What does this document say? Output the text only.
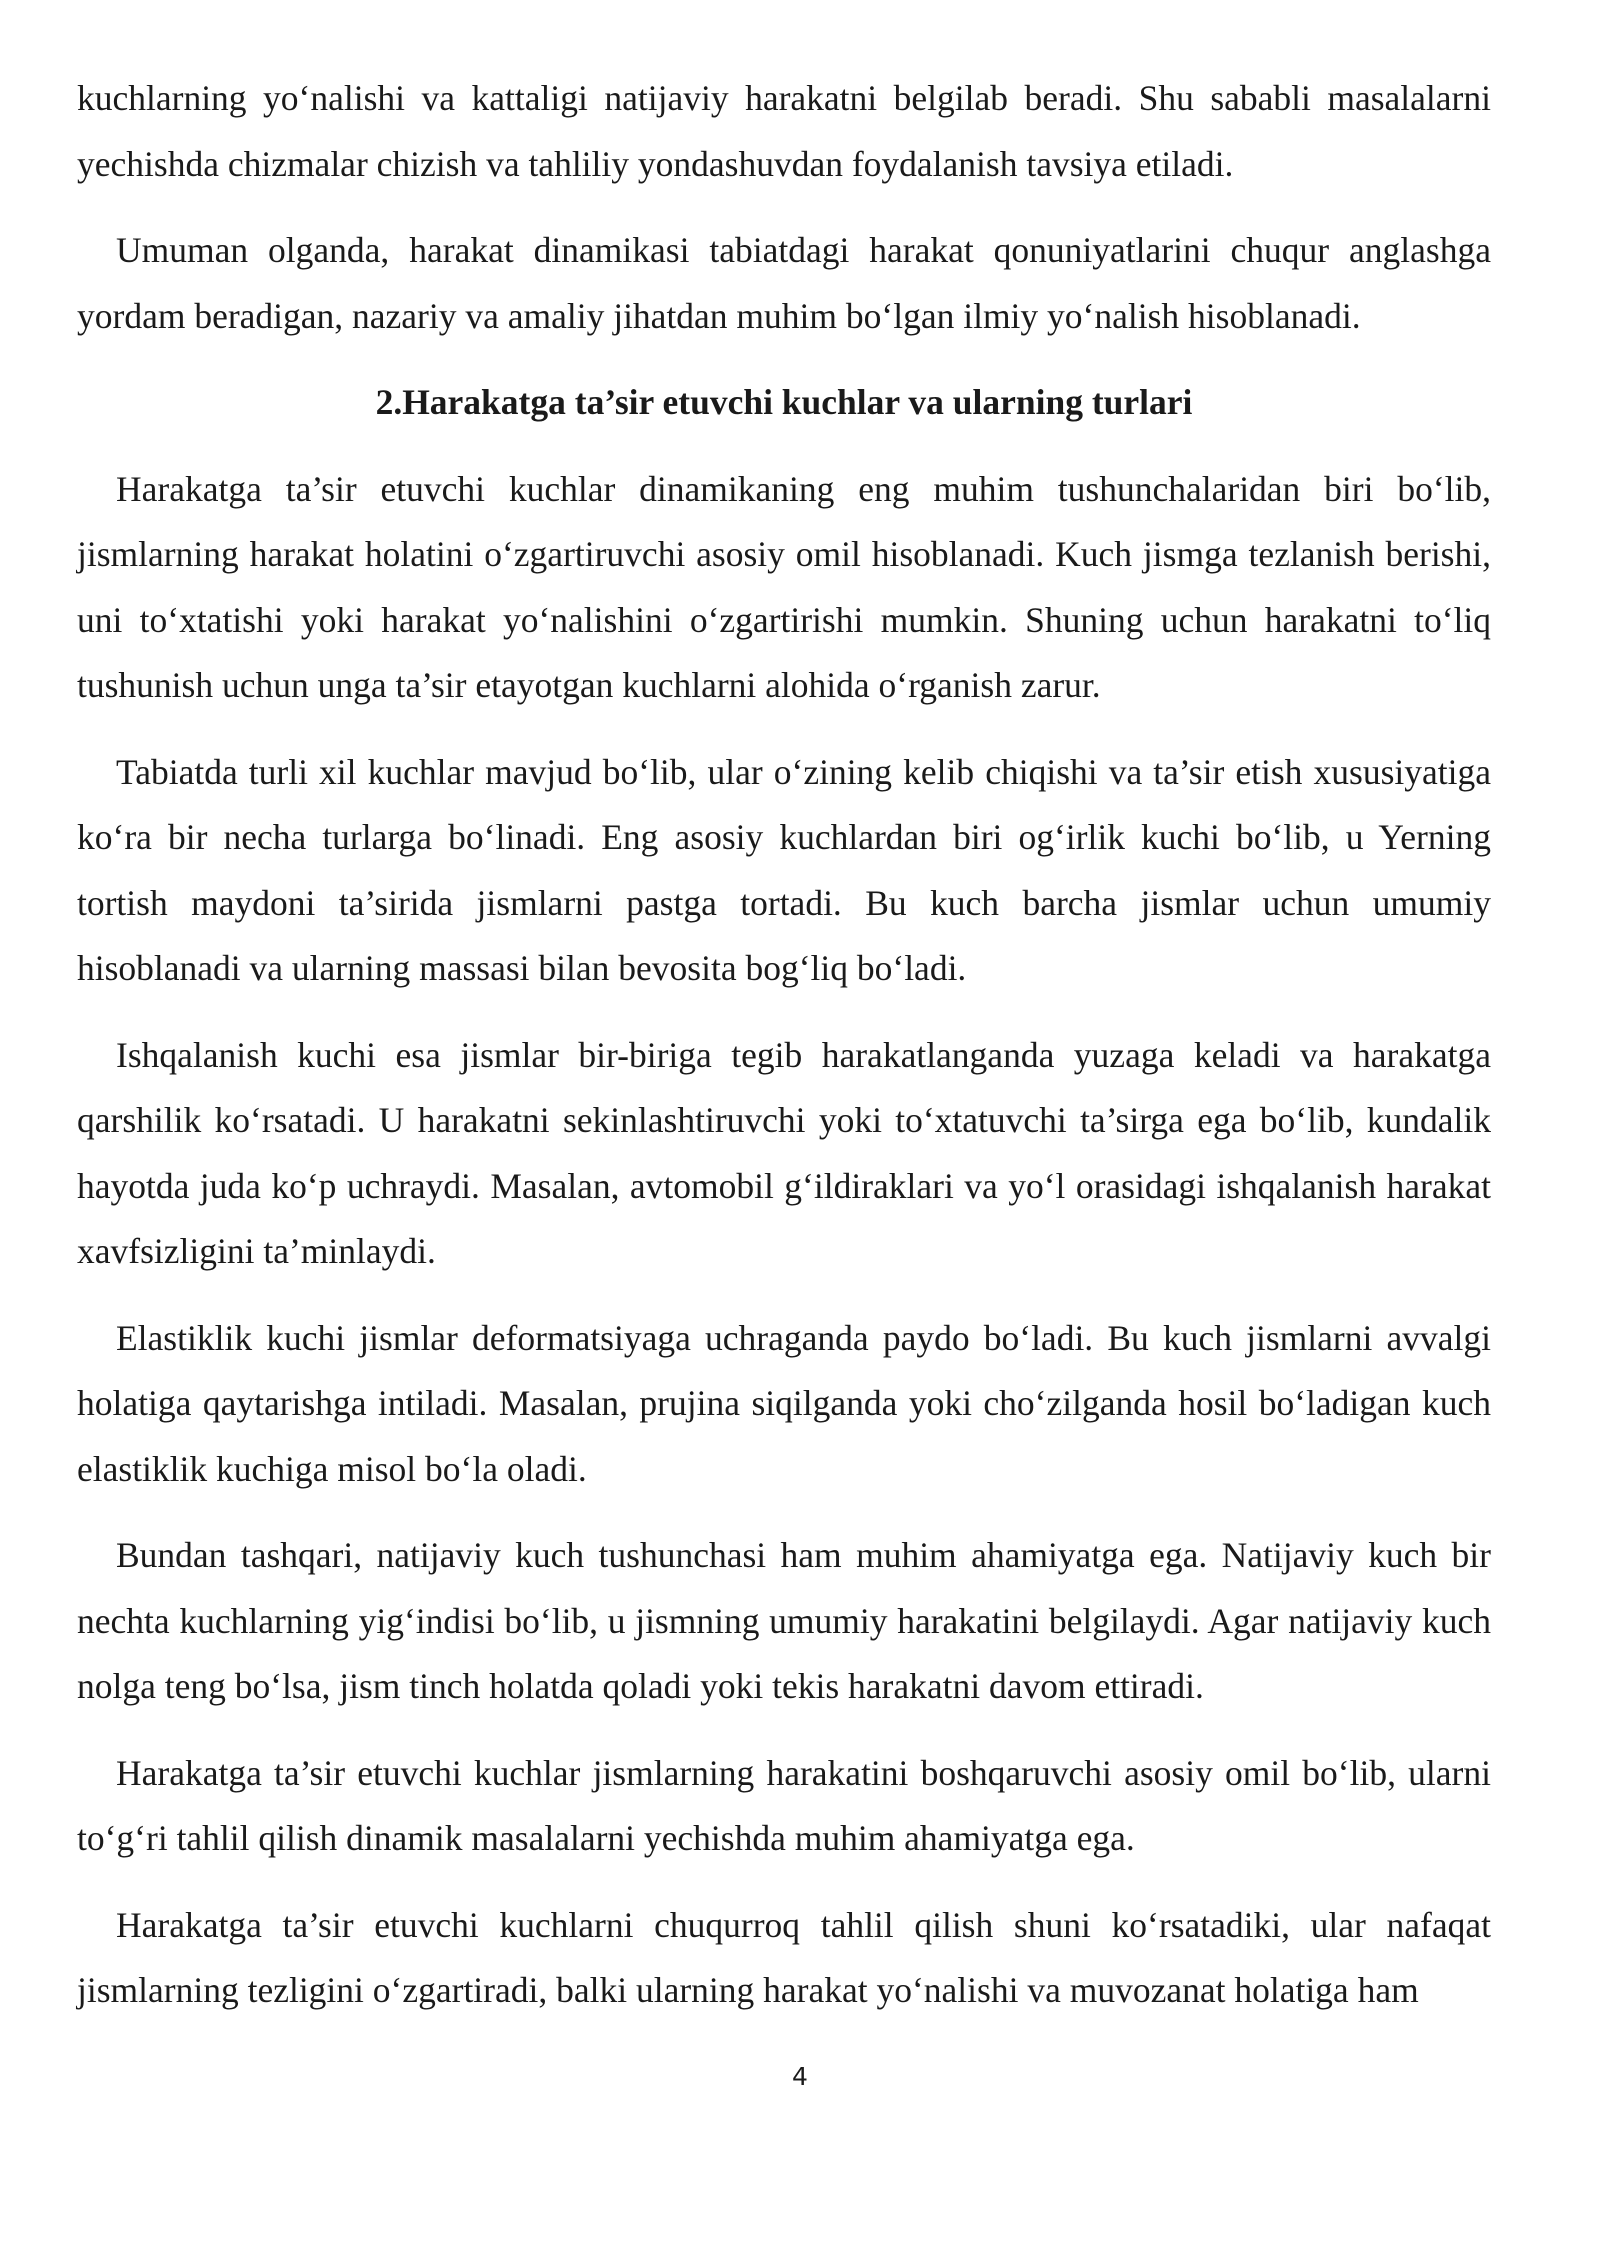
kuchlarning yo‘nalishi va kattaligi natijaviy harakatni belgilab beradi. Shu sababli masalalarni yechishda chizmalar chizish va tahliliy yondashuvdan foydalanish tavsiya etiladi.

Umuman olganda, harakat dinamikasi tabiatdagi harakat qonuniyatlarini chuqur anglashga yordam beradigan, nazariy va amaliy jihatdan muhim bo‘lgan ilmiy yo‘nalish hisoblanadi.

2.Harakatga ta’sir etuvchi kuchlar va ularning turlari

Harakatga ta’sir etuvchi kuchlar dinamikaning eng muhim tushunchalaridan biri bo‘lib, jismlarning harakat holatini o‘zgartiruvchi asosiy omil hisoblanadi. Kuch jismga tezlanish berishi, uni to‘xtatishi yoki harakat yo‘nalishini o‘zgartirishi mumkin. Shuning uchun harakatni to‘liq tushunish uchun unga ta’sir etayotgan kuchlarni alohida o‘rganish zarur.

Tabiatda turli xil kuchlar mavjud bo‘lib, ular o‘zining kelib chiqishi va ta’sir etish xususiyatiga ko‘ra bir necha turlarga bo‘linadi. Eng asosiy kuchlardan biri og‘irlik kuchi bo‘lib, u Yerning tortish maydoni ta’sirida jismlarni pastga tortadi. Bu kuch barcha jismlar uchun umumiy hisoblanadi va ularning massasi bilan bevosita bog‘liq bo‘ladi.

Ishqalanish kuchi esa jismlar bir-biriga tegib harakatlanganda yuzaga keladi va harakatga qarshilik ko‘rsatadi. U harakatni sekinlashtiruvchi yoki to‘xtatuvchi ta’sirga ega bo‘lib, kundalik hayotda juda ko‘p uchraydi. Masalan, avtomobil g‘ildiraklari va yo‘l orasidagi ishqalanish harakat xavfsizligini ta’minlaydi.

Elastiklik kuchi jismlar deformatsiyaga uchraganda paydo bo‘ladi. Bu kuch jismlarni avvalgi holatiga qaytarishga intiladi. Masalan, prujina siqilganda yoki cho‘zilganda hosil bo‘ladigan kuch elastiklik kuchiga misol bo‘la oladi.

Bundan tashqari, natijaviy kuch tushunchasi ham muhim ahamiyatga ega. Natijaviy kuch bir nechta kuchlarning yig‘indisi bo‘lib, u jismning umumiy harakatini belgilaydi. Agar natijaviy kuch nolga teng bo‘lsa, jism tinch holatda qoladi yoki tekis harakatni davom ettiradi.

Harakatga ta’sir etuvchi kuchlar jismlarning harakatini boshqaruvchi asosiy omil bo‘lib, ularni to‘g‘ri tahlil qilish dinamik masalalarni yechishda muhim ahamiyatga ega.

Harakatga ta’sir etuvchi kuchlarni chuqurroq tahlil qilish shuni ko‘rsatadiki, ular nafaqat jismlarning tezligini o‘zgartiradi, balki ularning harakat yo‘nalishi va muvozanat holatiga ham

4
